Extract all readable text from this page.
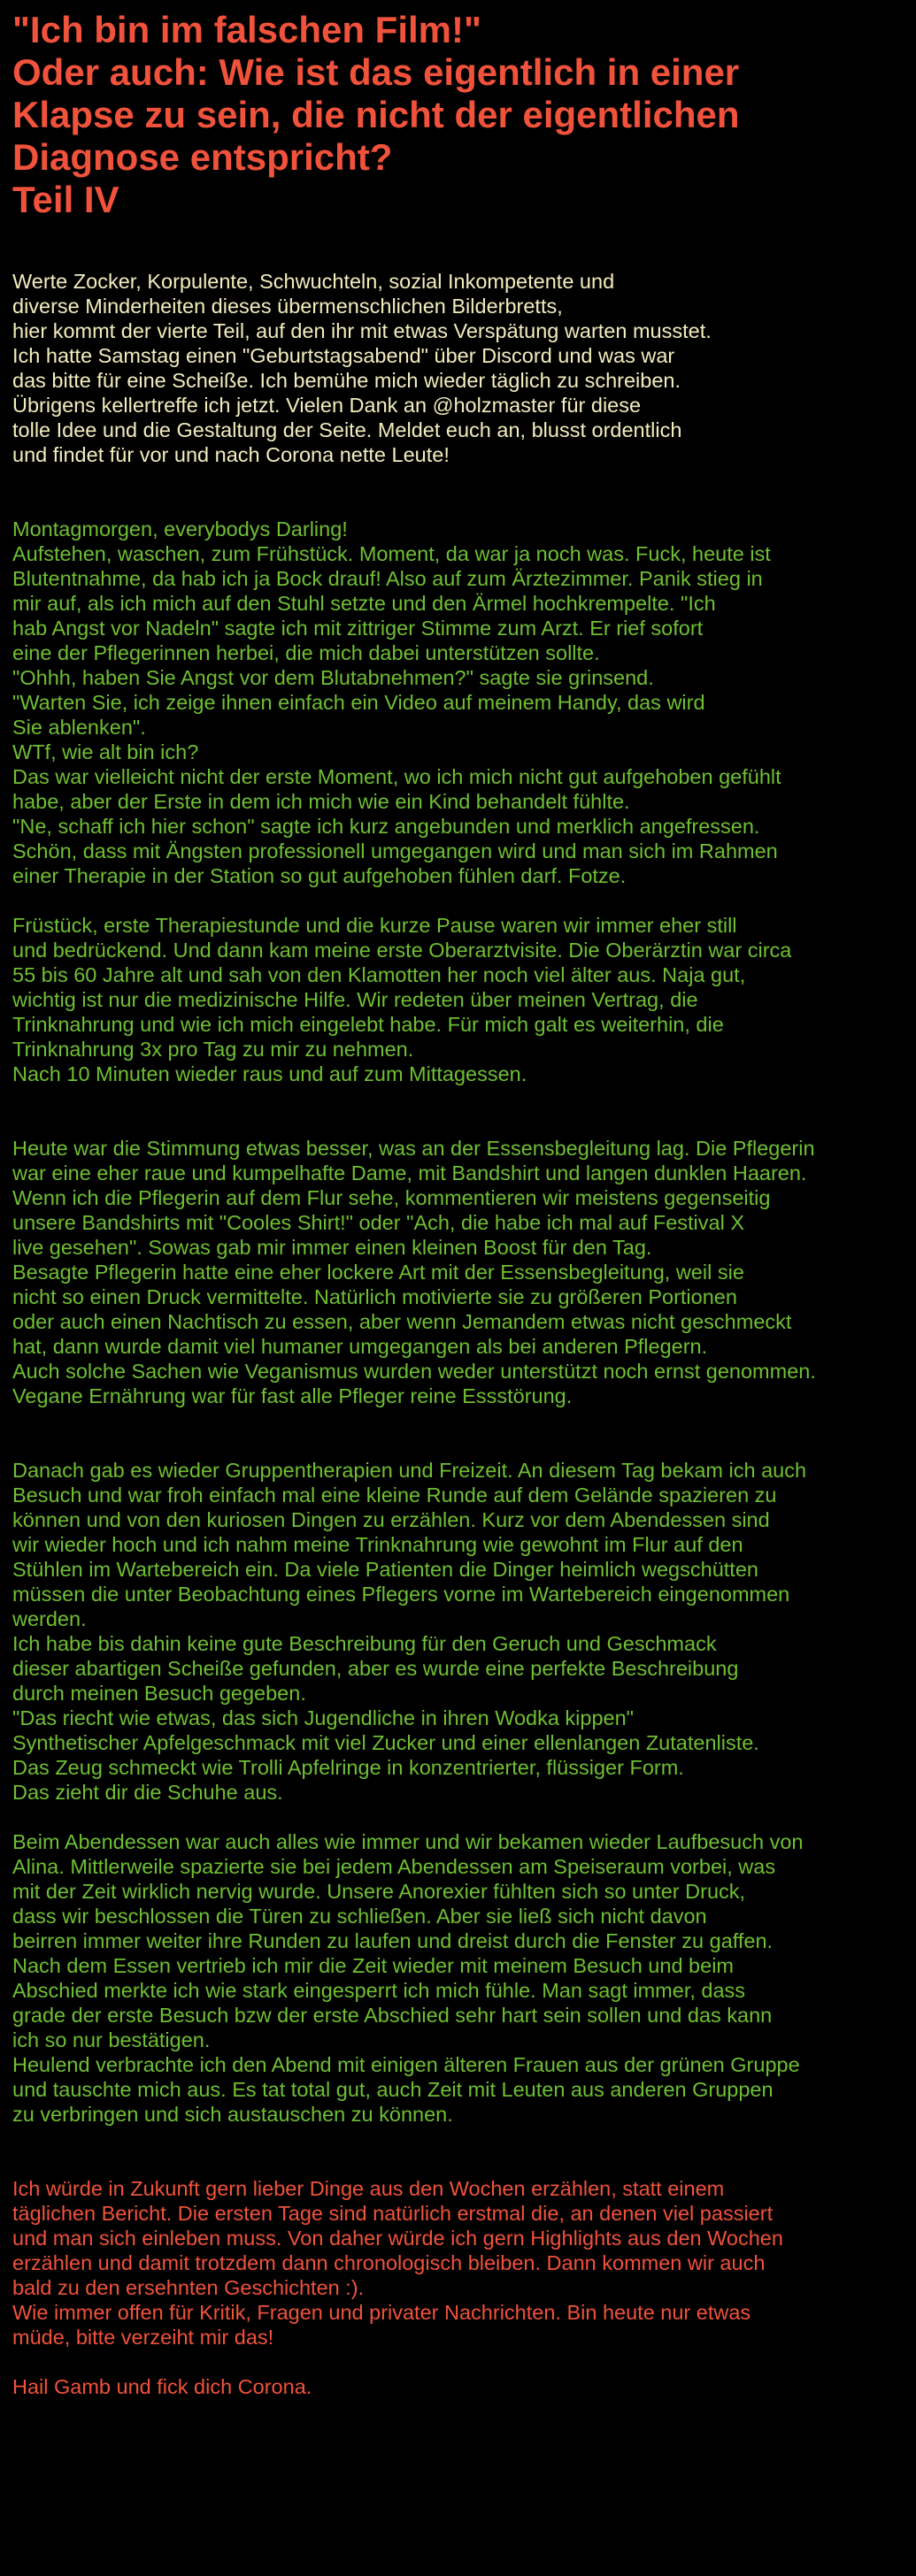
"Ich bin im falschen Film!"
Oder auch: Wie ist das eigentlich in einer
Klapse zu sein, die nicht der eigentlichen
Diagnose entspricht?
Teil IV
Werte Zocker, Korpulente, Schwuchteln, sozial Inkompetente und
diverse Minderheiten dieses übermenschlichen Bilderbretts,
hier kommt der vierte Teil, auf den ihr mit etwas Verspätung warten musstet.
Ich hatte Samstag einen "Geburtstagsabend" über Discord und was war
das bitte für eine Scheiße. Ich bemühe mich wieder täglich zu schreiben.
Übrigens kellertreffe ich jetzt. Vielen Dank an @holzmaster für diese
tolle Idee und die Gestaltung der Seite. Meldet euch an, blusst ordentlich
und findet für vor und nach Corona nette Leute!
Montagmorgen, everybodys Darling!
Aufstehen, waschen, zum Frühstück. Moment, da war ja noch was. Fuck, heute ist
Blutentnahme, da hab ich ja Bock drauf! Also auf zum Ärztezimmer. Panik stieg in
mir auf, als ich mich auf den Stuhl setzte und den Ärmel hochkrempelte. "Ich
hab Angst vor Nadeln" sagte ich mit zittriger Stimme zum Arzt. Er rief sofort
eine der Pflegerinnen herbei, die mich dabei unterstützen sollte.
"Ohhh, haben Sie Angst vor dem Blutabnehmen?" sagte sie grinsend.
"Warten Sie, ich zeige ihnen einfach ein Video auf meinem Handy, das wird
Sie ablenken".
WTf, wie alt bin ich?
Das war vielleicht nicht der erste Moment, wo ich mich nicht gut aufgehoben gefühlt
habe, aber der Erste in dem ich mich wie ein Kind behandelt fühlte.
"Ne, schaff ich hier schon" sagte ich kurz angebunden und merklich angefressen.
Schön, dass mit Ängsten professionell umgegangen wird und man sich im Rahmen
einer Therapie in der Station so gut aufgehoben fühlen darf. Fotze.
Früstück, erste Therapiestunde und die kurze Pause waren wir immer eher still
und bedrückend. Und dann kam meine erste Oberarztvisite. Die Oberärztin war circa
55 bis 60 Jahre alt und sah von den Klamotten her noch viel älter aus. Naja gut,
wichtig ist nur die medizinische Hilfe. Wir redeten über meinen Vertrag, die
Trinknahrung und wie ich mich eingelebt habe. Für mich galt es weiterhin, die
Trinknahrung 3x pro Tag zu mir zu nehmen.
Nach 10 Minuten wieder raus und auf zum Mittagessen.
Heute war die Stimmung etwas besser, was an der Essensbegleitung lag. Die Pflegerin
war eine eher raue und kumpelhafte Dame, mit Bandshirt und langen dunklen Haaren.
Wenn ich die Pflegerin auf dem Flur sehe, kommentieren wir meistens gegenseitig
unsere Bandshirts mit "Cooles Shirt!" oder "Ach, die habe ich mal auf Festival X
live gesehen". Sowas gab mir immer einen kleinen Boost für den Tag.
Besagte Pflegerin hatte eine eher lockere Art mit der Essensbegleitung, weil sie
nicht so einen Druck vermittelte. Natürlich motivierte sie zu größeren Portionen
oder auch einen Nachtisch zu essen, aber wenn Jemandem etwas nicht geschmeckt
hat, dann wurde damit viel humaner umgegangen als bei anderen Pflegern.
Auch solche Sachen wie Veganismus wurden weder unterstützt noch ernst genommen.
Vegane Ernährung war für fast alle Pfleger reine Essstörung.
Danach gab es wieder Gruppentherapien und Freizeit. An diesem Tag bekam ich auch
Besuch und war froh einfach mal eine kleine Runde auf dem Gelände spazieren zu
können und von den kuriosen Dingen zu erzählen. Kurz vor dem Abendessen sind
wir wieder hoch und ich nahm meine Trinknahrung wie gewohnt im Flur auf den
Stühlen im Wartebereich ein. Da viele Patienten die Dinger heimlich wegschütten
müssen die unter Beobachtung eines Pflegers vorne im Wartebereich eingenommen
werden.
Ich habe bis dahin keine gute Beschreibung für den Geruch und Geschmack
dieser abartigen Scheiße gefunden, aber es wurde eine perfekte Beschreibung
durch meinen Besuch gegeben.
"Das riecht wie etwas, das sich Jugendliche in ihren Wodka kippen"
Synthetischer Apfelgeschmack mit viel Zucker und einer ellenlangen Zutatenliste.
Das Zeug schmeckt wie Trolli Apfelringe in konzentrierter, flüssiger Form.
Das zieht dir die Schuhe aus.
Beim Abendessen war auch alles wie immer und wir bekamen wieder Laufbesuch von
Alina. Mittlerweile spazierte sie bei jedem Abendessen am Speiseraum vorbei, was
mit der Zeit wirklich nervig wurde. Unsere Anorexier fühlten sich so unter Druck,
dass wir beschlossen die Türen zu schließen. Aber sie ließ sich nicht davon
beirren immer weiter ihre Runden zu laufen und dreist durch die Fenster zu gaffen.
Nach dem Essen vertrieb ich mir die Zeit wieder mit meinem Besuch und beim
Abschied merkte ich wie stark eingesperrt ich mich fühle. Man sagt immer, dass
grade der erste Besuch bzw der erste Abschied sehr hart sein sollen und das kann
ich so nur bestätigen.
Heulend verbrachte ich den Abend mit einigen älteren Frauen aus der grünen Gruppe
und tauschte mich aus. Es tat total gut, auch Zeit mit Leuten aus anderen Gruppen
zu verbringen und sich austauschen zu können.
Ich würde in Zukunft gern lieber Dinge aus den Wochen erzählen, statt einem
täglichen Bericht. Die ersten Tage sind natürlich erstmal die, an denen viel passiert
und man sich einleben muss. Von daher würde ich gern Highlights aus den Wochen
erzählen und damit trotzdem dann chronologisch bleiben. Dann kommen wir auch
bald zu den ersehnten Geschichten :).
Wie immer offen für Kritik, Fragen und privater Nachrichten. Bin heute nur etwas
müde, bitte verzeiht mir das!
Hail Gamb und fick dich Corona.
